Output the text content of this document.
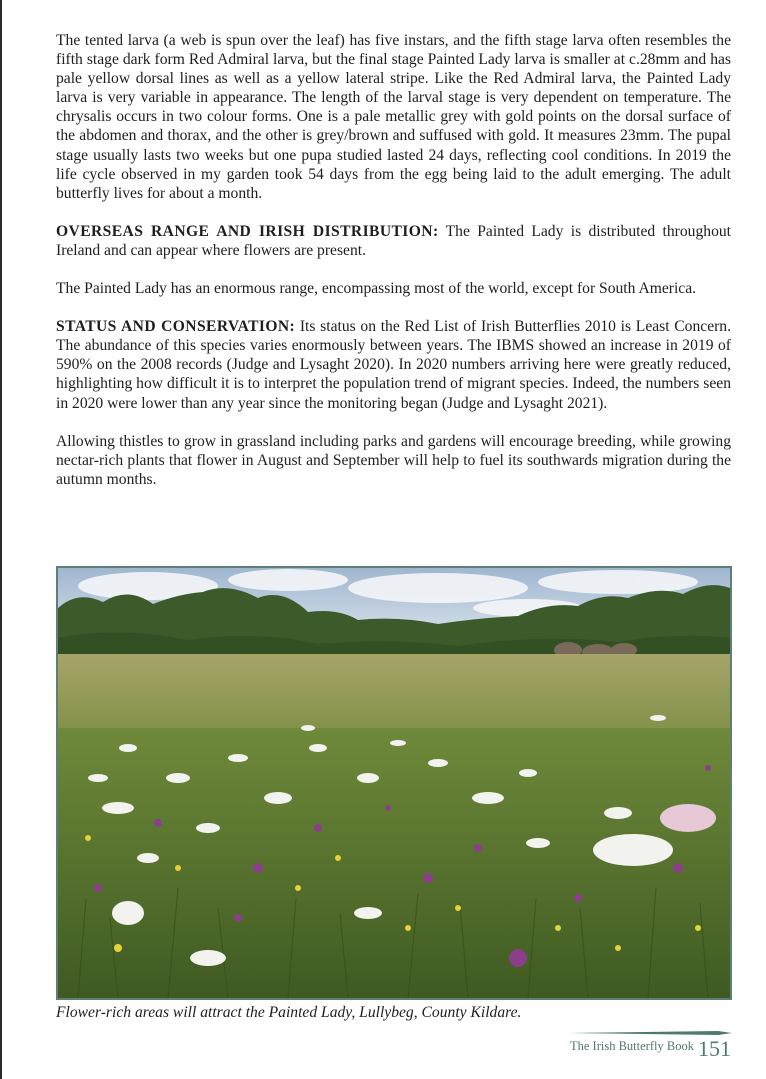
The tented larva (a web is spun over the leaf) has five instars, and the fifth stage larva often resembles the fifth stage dark form Red Admiral larva, but the final stage Painted Lady larva is smaller at c.28mm and has pale yellow dorsal lines as well as a yellow lateral stripe. Like the Red Admiral larva, the Painted Lady larva is very variable in appearance. The length of the larval stage is very dependent on temperature. The chrysalis occurs in two colour forms. One is a pale metallic grey with gold points on the dorsal surface of the abdomen and thorax, and the other is grey/brown and suffused with gold. It measures 23mm. The pupal stage usually lasts two weeks but one pupa studied lasted 24 days, reflecting cool conditions. In 2019 the life cycle observed in my garden took 54 days from the egg being laid to the adult emerging. The adult butterfly lives for about a month.

OVERSEAS RANGE AND IRISH DISTRIBUTION: The Painted Lady is distributed throughout Ireland and can appear where flowers are present.

The Painted Lady has an enormous range, encompassing most of the world, except for South America.

STATUS AND CONSERVATION: Its status on the Red List of Irish Butterflies 2010 is Least Concern. The abundance of this species varies enormously between years. The IBMS showed an increase in 2019 of 590% on the 2008 records (Judge and Lysaght 2020). In 2020 numbers arriving here were greatly reduced, highlighting how difficult it is to interpret the population trend of migrant species. Indeed, the numbers seen in 2020 were lower than any year since the monitoring began (Judge and Lysaght 2021).

Allowing thistles to grow in grassland including parks and gardens will encourage breeding, while growing nectar-rich plants that flower in August and September will help to fuel its southwards migration during the autumn months.

Flower-rich areas will attract the Painted Lady, Lullybeg, County Kildare.
The Irish Butterfly Book 151
